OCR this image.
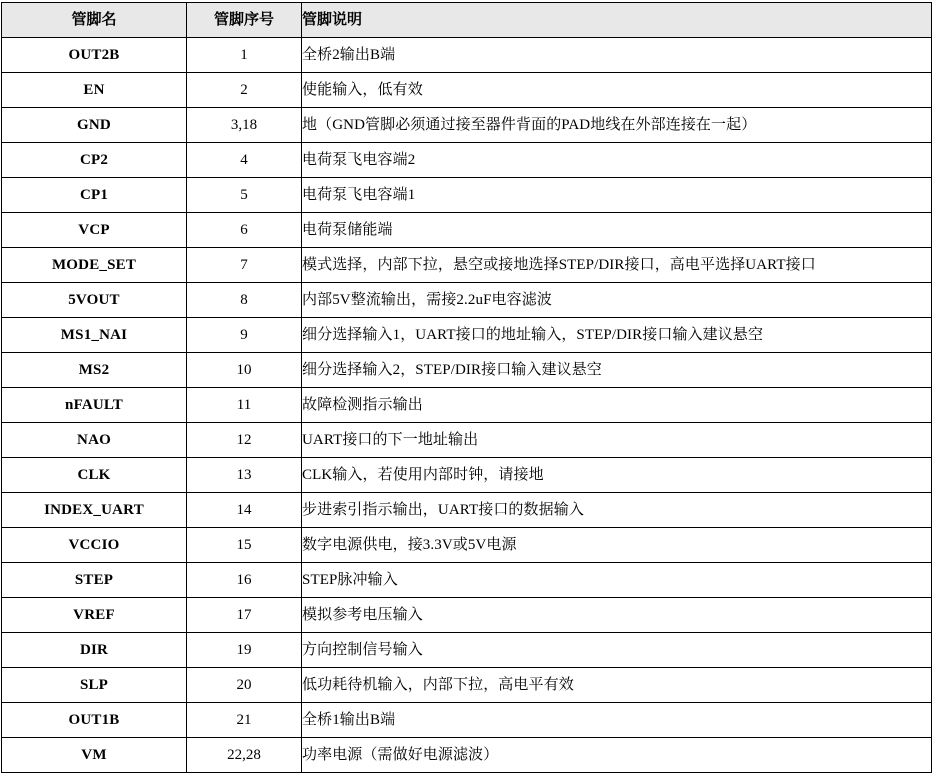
管脚名	管脚序号	管脚说明
OUT2B	1	全桥2输出B端
EN	2	使能输入，低有效
GND	3,18	地（GND管脚必须通过接至器件背面的PAD地线在外部连接在一起）
CP2	4	电荷泵飞电容端2
CP1	5	电荷泵飞电容端1
VCP	6	电荷泵储能端
MODE_SET	7	模式选择，内部下拉，悬空或接地选择STEP/DIR接口，高电平选择UART接口
5VOUT	8	内部5V整流输出，需接2.2uF电容滤波
MS1_NAI	9	细分选择输入1，UART接口的地址输入，STEP/DIR接口输入建议悬空
MS2	10	细分选择输入2，STEP/DIR接口输入建议悬空
nFAULT	11	故障检测指示输出
NAO	12	UART接口的下一地址输出
CLK	13	CLK输入，若使用内部时钟，请接地
INDEX_UART	14	步进索引指示输出，UART接口的数据输入
VCCIO	15	数字电源供电，接3.3V或5V电源
STEP	16	STEP脉冲输入
VREF	17	模拟参考电压输入
DIR	19	方向控制信号输入
SLP	20	低功耗待机输入，内部下拉，高电平有效
OUT1B	21	全桥1输出B端
VM	22,28	功率电源（需做好电源滤波）
